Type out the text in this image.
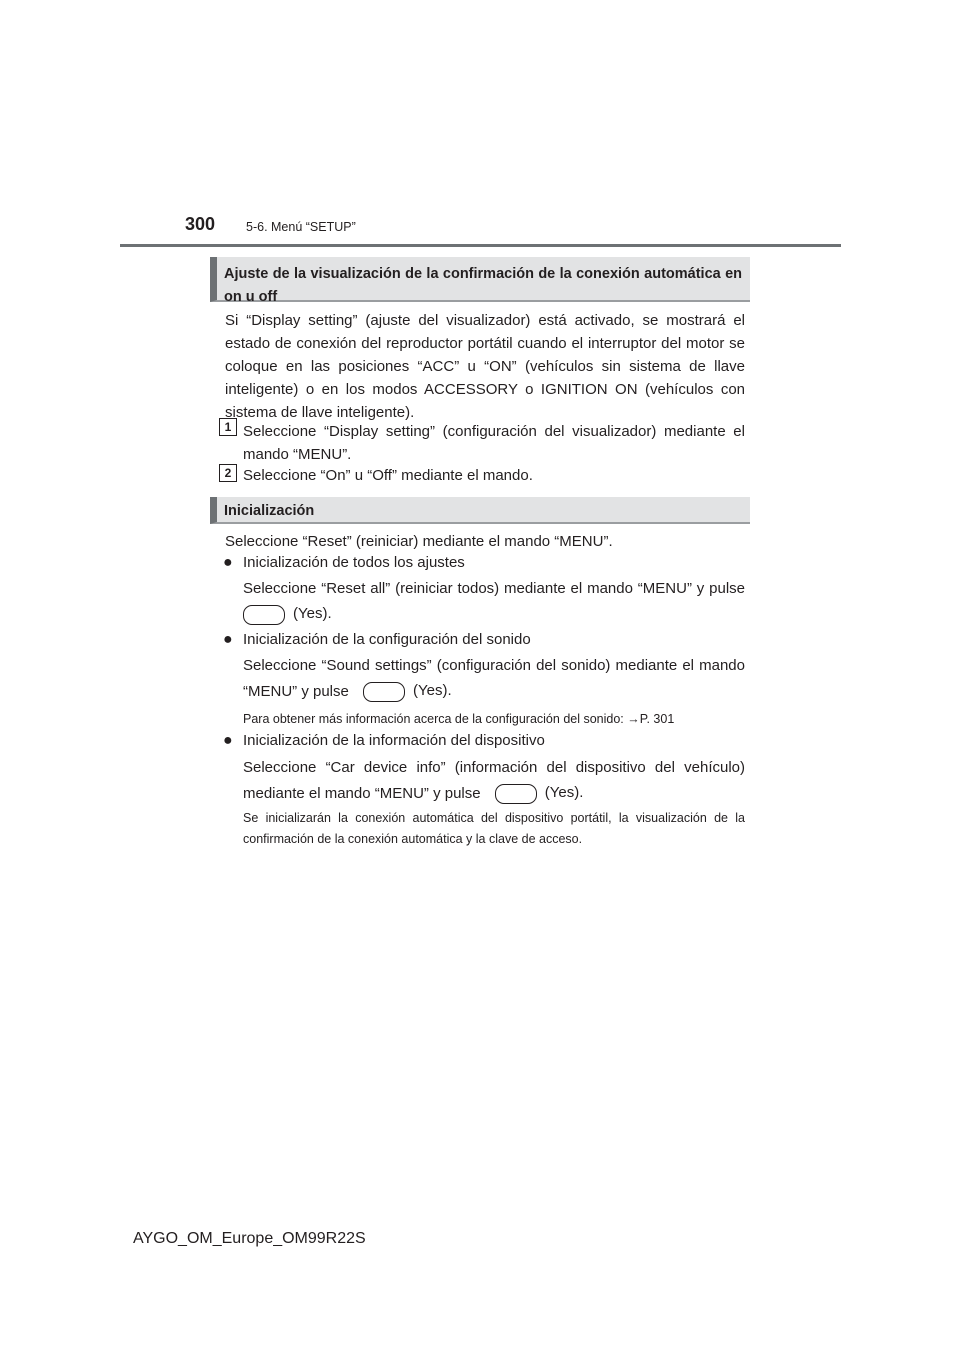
300 5-6. Menú “SETUP”
Ajuste de la visualización de la confirmación de la conexión automática en on u off
Si “Display setting” (ajuste del visualizador) está activado, se mostrará el estado de conexión del reproductor portátil cuando el interruptor del motor se coloque en las posiciones “ACC” u “ON” (vehículos sin sistema de llave inteligente) o en los modos ACCESSORY o IGNITION ON (vehículos con sistema de llave inteligente).
1 Seleccione “Display setting” (configuración del visualizador) mediante el mando “MENU”.
2 Seleccione “On” u “Off” mediante el mando.
Inicialización
Seleccione “Reset” (reiniciar) mediante el mando “MENU”.
● Inicialización de todos los ajustes
Seleccione “Reset all” (reiniciar todos) mediante el mando “MENU” y pulse
(Yes).
● Inicialización de la configuración del sonido
Seleccione “Sound settings” (configuración del sonido) mediante el mando
“MENU” y pulse	(Yes).
Para obtener más información acerca de la configuración del sonido: →P. 301
● Inicialización de la información del dispositivo
Seleccione “Car device info” (información del dispositivo del vehículo)
mediante el mando “MENU” y pulse	(Yes).
Se inicializarán la conexión automática del dispositivo portátil, la visualización de la confirmación de la conexión automática y la clave de acceso.
AYGO_OM_Europe_OM99R22S
